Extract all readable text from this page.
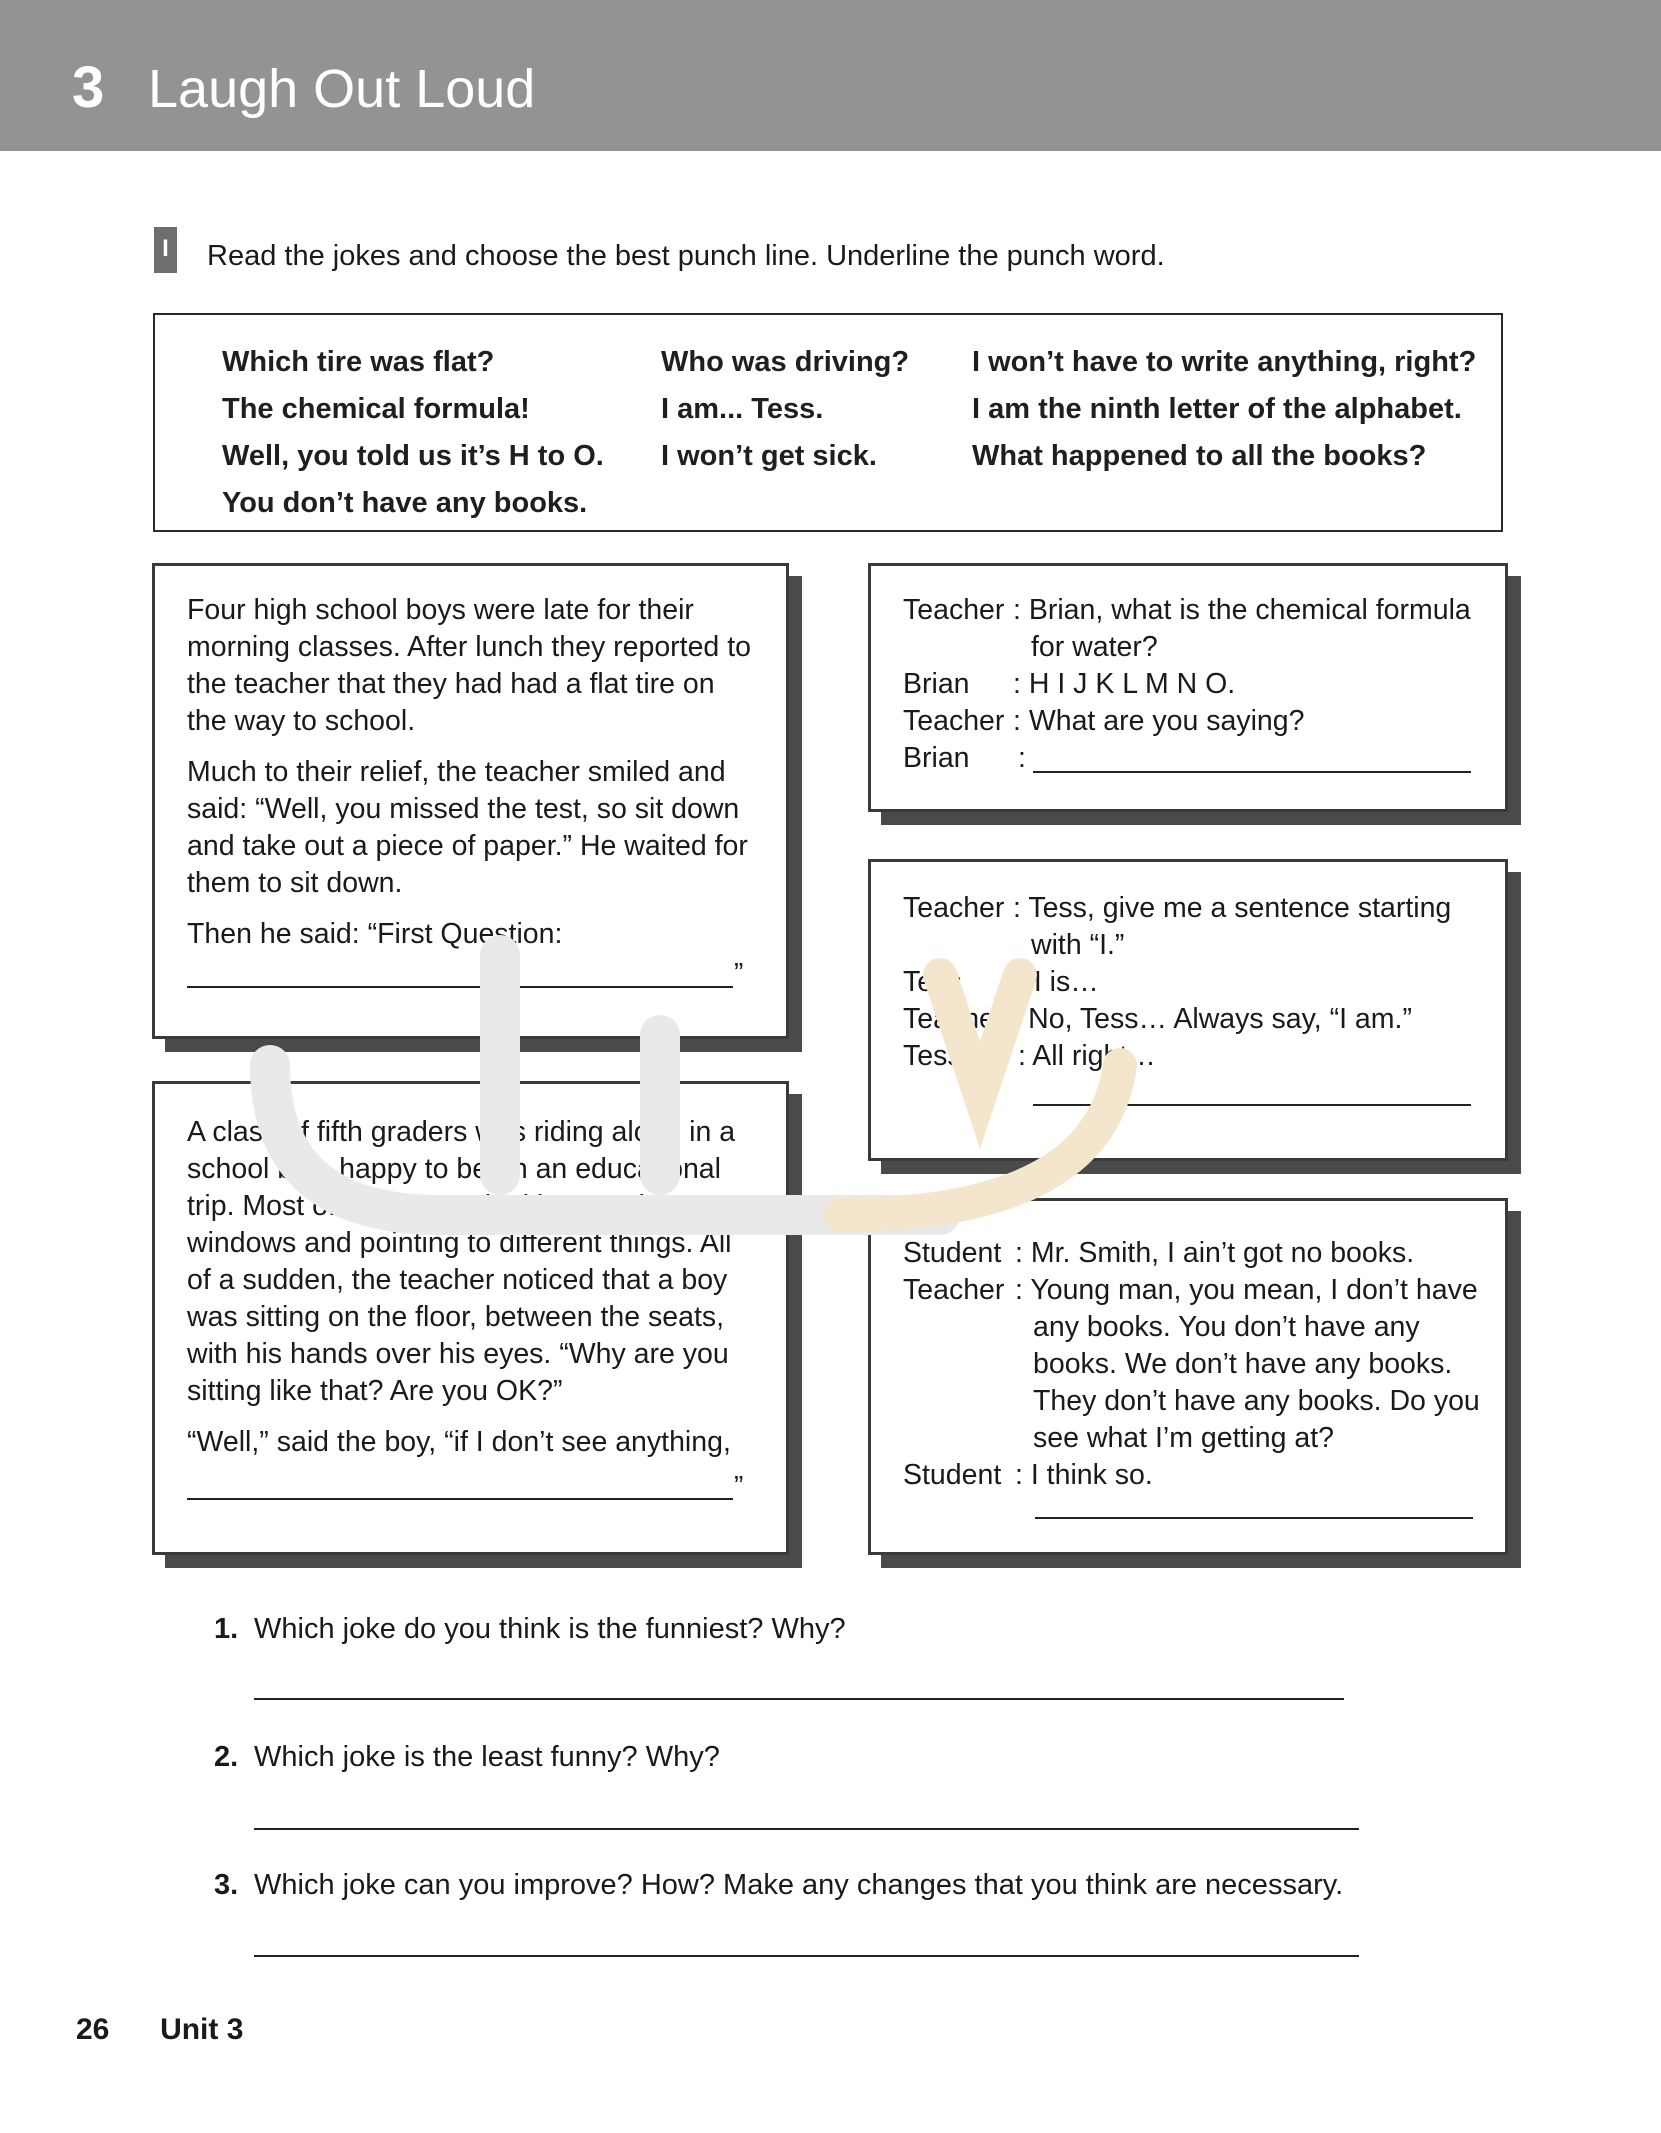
3 Laugh Out Loud
I Read the jokes and choose the best punch line. Underline the punch word.
Which tire was flat?
The chemical formula!
Well, you told us it’s H to O.
You don’t have any books.
Who was driving?
I am... Tess.
I won’t get sick.
I won’t have to write anything, right?
I am the ninth letter of the alphabet.
What happened to all the books?

Four high school boys were late for their morning classes. After lunch they reported to the teacher that they had had a flat tire on the way to school.

Much to their relief, the teacher smiled and said: “Well, you missed the test, so sit down and take out a piece of paper.” He waited for them to sit down.

Then he said: “First Question:

”

A class of fifth graders was riding along in a school bus, happy to be on an educational trip. Most of them were looking out the windows and pointing to different things. All of a sudden, the teacher noticed that a boy was sitting on the floor, between the seats, with his hands over his eyes. “Why are you sitting like that? Are you OK?”

“Well,” said the boy, “if I don’t see anything,

”
Teacher : Brian, what is the chemical formula
for water?
Brian : H I J K L M N O.
Teacher : What are you saying?
Brian :
Teacher : Tess, give me a sentence starting
with “I.”
Tess : I is…
Teacher : No, Tess… Always say, “I am.”
Tess : All right…
Student : Mr. Smith, I ain’t got no books.
Teacher : Young man, you mean, I don’t have
any books. You don’t have any
books. We don’t have any books.
They don’t have any books. Do you
see what I’m getting at?
Student : I think so.
1. Which joke do you think is the funniest? Why?
2. Which joke is the least funny? Why?
3. Which joke can you improve? How? Make any changes that you think are necessary.
26 Unit 3
